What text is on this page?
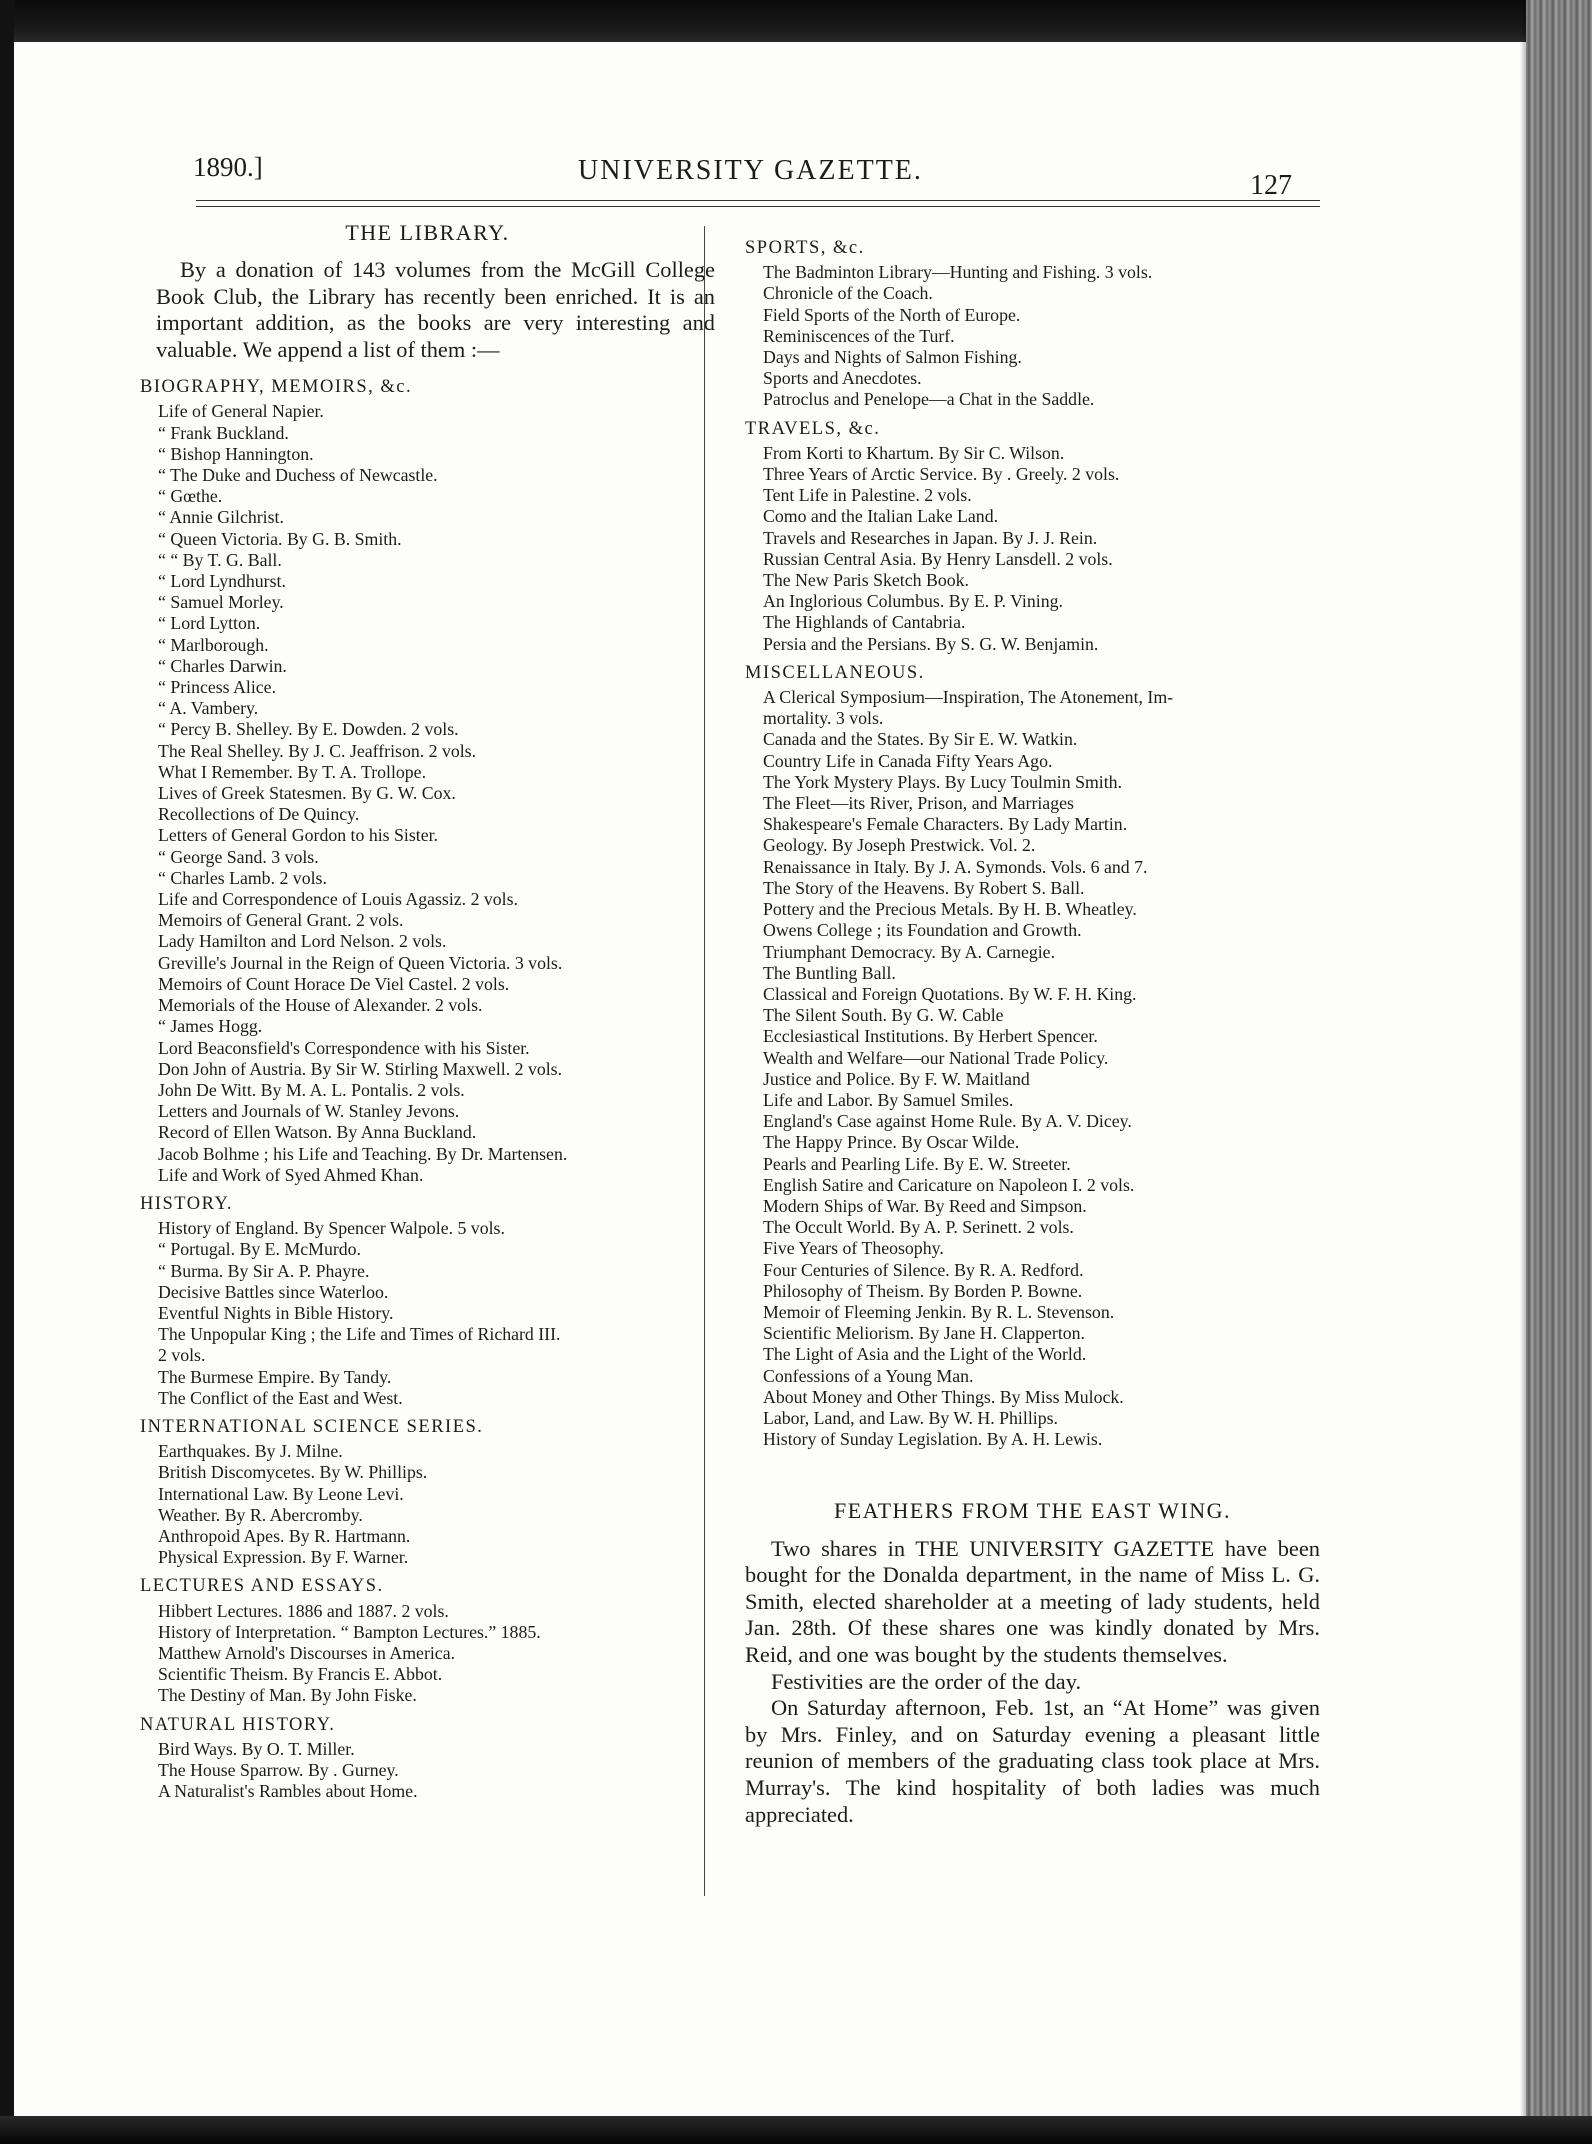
1890.]	UNIVERSITY GAZETTE.	127
THE LIBRARY.
By a donation of 143 volumes from the McGill College Book Club, the Library has recently been enriched. It is an important addition, as the books are very interesting and valuable. We append a list of them :—
BIOGRAPHY, MEMOIRS, &c.
Life of General Napier.
“ Frank Buckland.
“ Bishop Hannington.
“ The Duke and Duchess of Newcastle.
“ Gœthe.
“ Annie Gilchrist.
“ Queen Victoria. By G. B. Smith.
“ “ By T. G. Ball.
“ Lord Lyndhurst.
“ Samuel Morley.
“ Lord Lytton.
“ Marlborough.
“ Charles Darwin.
“ Princess Alice.
“ A. Vambery.
“ Percy B. Shelley. By E. Dowden. 2 vols.
The Real Shelley. By J. C. Jeaffrison. 2 vols.
What I Remember. By T. A. Trollope.
Lives of Greek Statesmen. By G. W. Cox.
Recollections of De Quincy.
Letters of General Gordon to his Sister.
“ George Sand. 3 vols.
“ Charles Lamb. 2 vols.
Life and Correspondence of Louis Agassiz. 2 vols.
Memoirs of General Grant. 2 vols.
Lady Hamilton and Lord Nelson. 2 vols.
Greville's Journal in the Reign of Queen Victoria. 3 vols.
Memoirs of Count Horace De Viel Castel. 2 vols.
Memorials of the House of Alexander. 2 vols.
“ James Hogg.
Lord Beaconsfield's Correspondence with his Sister.
Don John of Austria. By Sir W. Stirling Maxwell. 2 vols.
John De Witt. By M. A. L. Pontalis. 2 vols.
Letters and Journals of W. Stanley Jevons.
Record of Ellen Watson. By Anna Buckland.
Jacob Bolhme ; his Life and Teaching. By Dr. Martensen.
Life and Work of Syed Ahmed Khan.
HISTORY.
History of England. By Spencer Walpole. 5 vols.
“ Portugal. By E. McMurdo.
“ Burma. By Sir A. P. Phayre.
Decisive Battles since Waterloo.
Eventful Nights in Bible History.
The Unpopular King ; the Life and Times of Richard III.
2 vols.
The Burmese Empire. By Tandy.
The Conflict of the East and West.
INTERNATIONAL SCIENCE SERIES.
Earthquakes. By J. Milne.
British Discomycetes. By W. Phillips.
International Law. By Leone Levi.
Weather. By R. Abercromby.
Anthropoid Apes. By R. Hartmann.
Physical Expression. By F. Warner.
LECTURES AND ESSAYS.
Hibbert Lectures. 1886 and 1887. 2 vols.
History of Interpretation. “ Bampton Lectures.” 1885.
Matthew Arnold's Discourses in America.
Scientific Theism. By Francis E. Abbot.
The Destiny of Man. By John Fiske.
NATURAL HISTORY.
Bird Ways. By O. T. Miller.
The House Sparrow. By . Gurney.
A Naturalist's Rambles about Home.
SPORTS, &c.
The Badminton Library—Hunting and Fishing. 3 vols.
Chronicle of the Coach.
Field Sports of the North of Europe.
Reminiscences of the Turf.
Days and Nights of Salmon Fishing.
Sports and Anecdotes.
Patroclus and Penelope—a Chat in the Saddle.
TRAVELS, &c.
From Korti to Khartum. By Sir C. Wilson.
Three Years of Arctic Service. By . Greely. 2 vols.
Tent Life in Palestine. 2 vols.
Como and the Italian Lake Land.
Travels and Researches in Japan. By J. J. Rein.
Russian Central Asia. By Henry Lansdell. 2 vols.
The New Paris Sketch Book.
An Inglorious Columbus. By E. P. Vining.
The Highlands of Cantabria.
Persia and the Persians. By S. G. W. Benjamin.
MISCELLANEOUS.
A Clerical Symposium—Inspiration, The Atonement, Im-
mortality. 3 vols.
Canada and the States. By Sir E. W. Watkin.
Country Life in Canada Fifty Years Ago.
The York Mystery Plays. By Lucy Toulmin Smith.
The Fleet—its River, Prison, and Marriages
Shakespeare's Female Characters. By Lady Martin.
Geology. By Joseph Prestwick. Vol. 2.
Renaissance in Italy. By J. A. Symonds. Vols. 6 and 7.
The Story of the Heavens. By Robert S. Ball.
Pottery and the Precious Metals. By H. B. Wheatley.
Owens College ; its Foundation and Growth.
Triumphant Democracy. By A. Carnegie.
The Buntling Ball.
Classical and Foreign Quotations. By W. F. H. King.
The Silent South. By G. W. Cable
Ecclesiastical Institutions. By Herbert Spencer.
Wealth and Welfare—our National Trade Policy.
Justice and Police. By F. W. Maitland
Life and Labor. By Samuel Smiles.
England's Case against Home Rule. By A. V. Dicey.
The Happy Prince. By Oscar Wilde.
Pearls and Pearling Life. By E. W. Streeter.
English Satire and Caricature on Napoleon I. 2 vols.
Modern Ships of War. By Reed and Simpson.
The Occult World. By A. P. Serinett. 2 vols.
Five Years of Theosophy.
Four Centuries of Silence. By R. A. Redford.
Philosophy of Theism. By Borden P. Bowne.
Memoir of Fleeming Jenkin. By R. L. Stevenson.
Scientific Meliorism. By Jane H. Clapperton.
The Light of Asia and the Light of the World.
Confessions of a Young Man.
About Money and Other Things. By Miss Mulock.
Labor, Land, and Law. By W. H. Phillips.
History of Sunday Legislation. By A. H. Lewis.
FEATHERS FROM THE EAST WING.

Two shares in THE UNIVERSITY GAZETTE have been bought for the Donalda department, in the name of Miss L. G. Smith, elected shareholder at a meeting of lady students, held Jan. 28th. Of these shares one was kindly donated by Mrs. Reid, and one was bought by the students themselves.

Festivities are the order of the day.

On Saturday afternoon, Feb. 1st, an “At Home” was given by Mrs. Finley, and on Saturday evening a pleasant little reunion of members of the graduating class took place at Mrs. Murray's. The kind hospitality of both ladies was much appreciated.
